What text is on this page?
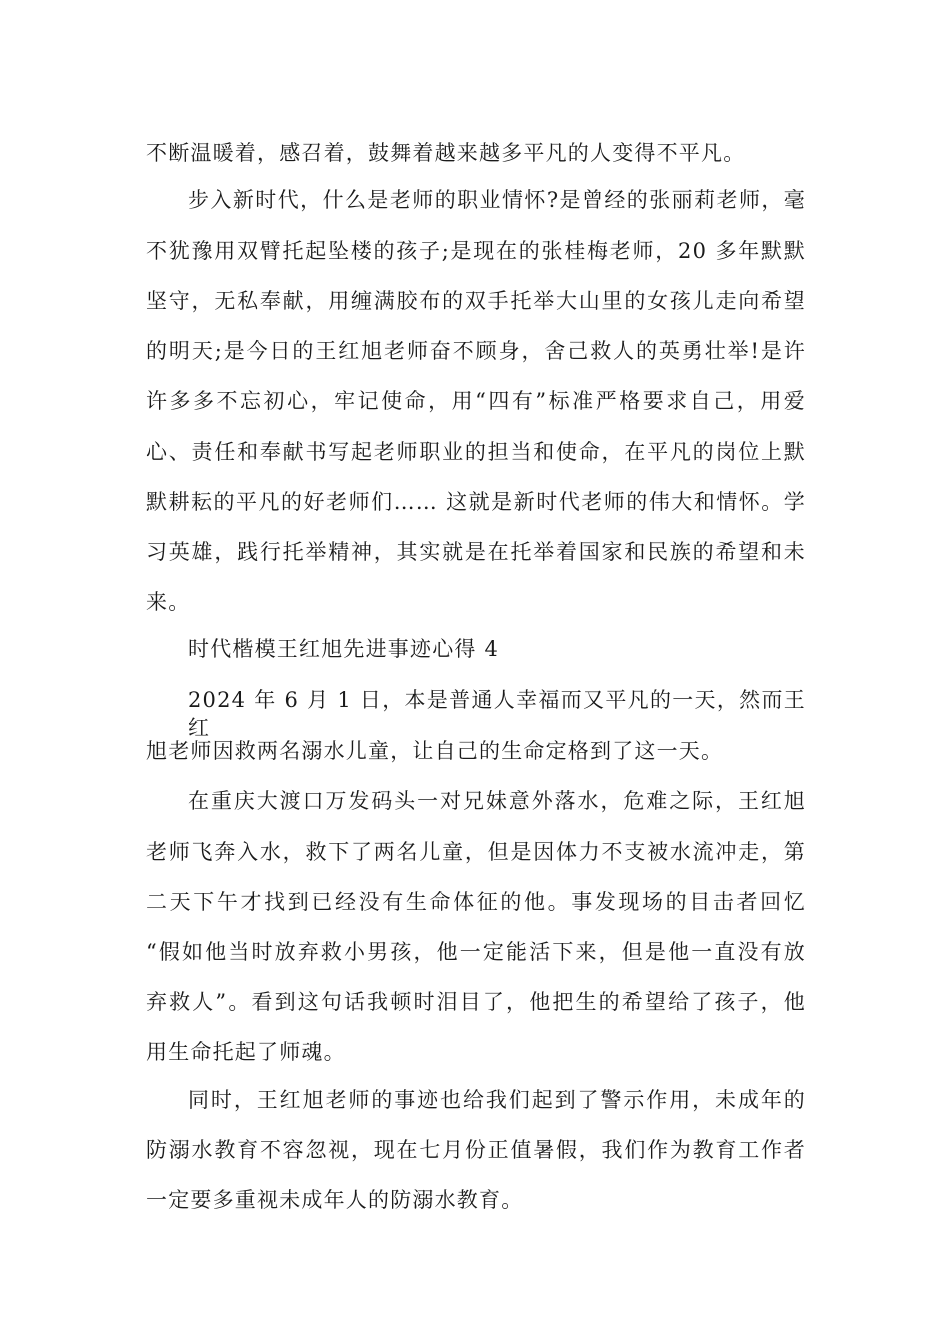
不断温暖着，感召着，鼓舞着越来越多平凡的人变得不平凡。
步入新时代，什么是老师的职业情怀?是曾经的张丽莉老师，毫
不犹豫用双臂托起坠楼的孩子;是现在的张桂梅老师，20 多年默默
坚守，无私奉献，用缠满胶布的双手托举大山里的女孩儿走向希望
的明天;是今日的王红旭老师奋不顾身，舍己救人的英勇壮举!是许
许多多不忘初心，牢记使命，用“四有”标准严格要求自己，用爱
心、责任和奉献书写起老师职业的担当和使命，在平凡的岗位上默
默耕耘的平凡的好老师们…… 这就是新时代老师的伟大和情怀。学
习英雄，践行托举精神，其实就是在托举着国家和民族的希望和未
来。
时代楷模王红旭先进事迹心得 4
2024 年 6 月 1 日，本是普通人幸福而又平凡的一天，然而王红
旭老师因救两名溺水儿童，让自己的生命定格到了这一天。
在重庆大渡口万发码头一对兄妹意外落水，危难之际，王红旭
老师飞奔入水，救下了两名儿童，但是因体力不支被水流冲走，第
二天下午才找到已经没有生命体征的他。事发现场的目击者回忆
“假如他当时放弃救小男孩，他一定能活下来，但是他一直没有放
弃救人”。看到这句话我顿时泪目了，他把生的希望给了孩子，他
用生命托起了师魂。
同时，王红旭老师的事迹也给我们起到了警示作用，未成年的
防溺水教育不容忽视，现在七月份正值暑假，我们作为教育工作者
一定要多重视未成年人的防溺水教育。
